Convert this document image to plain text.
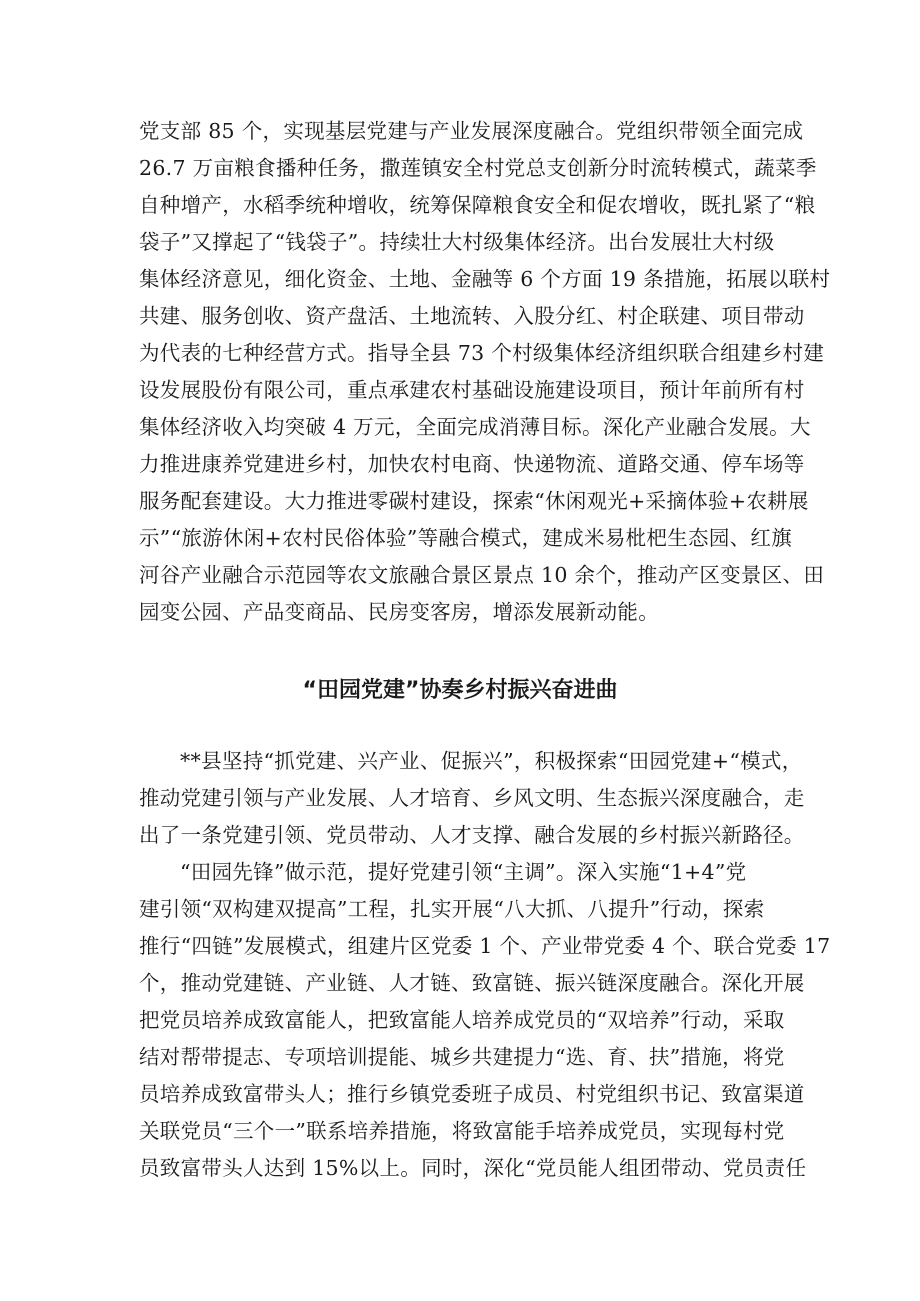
党支部 85 个，实现基层党建与产业发展深度融合。党组织带领全面完成
26.7 万亩粮食播种任务，撒莲镇安全村党总支创新分时流转模式，蔬菜季
自种增产，水稻季统种增收，统筹保障粮食安全和促农增收，既扎紧了“粮
袋子”又撑起了“钱袋子”。持续壮大村级集体经济。出台发展壮大村级
集体经济意见，细化资金、土地、金融等 6 个方面 19 条措施，拓展以联村
共建、服务创收、资产盘活、土地流转、入股分红、村企联建、项目带动
为代表的七种经营方式。指导全县 73 个村级集体经济组织联合组建乡村建
设发展股份有限公司，重点承建农村基础设施建设项目，预计年前所有村
集体经济收入均突破 4 万元，全面完成消薄目标。深化产业融合发展。大
力推进康养党建进乡村，加快农村电商、快递物流、道路交通、停车场等
服务配套建设。大力推进零碳村建设，探索“休闲观光+采摘体验+农耕展
示”“旅游休闲+农村民俗体验”等融合模式，建成米易枇杷生态园、红旗
河谷产业融合示范园等农文旅融合景区景点 10 余个，推动产区变景区、田
园变公园、产品变商品、民房变客房，增添发展新动能。
“田园党建”协奏乡村振兴奋进曲
**县坚持“抓党建、兴产业、促振兴”，积极探索“田园党建+“模式，
推动党建引领与产业发展、人才培育、乡风文明、生态振兴深度融合，走
出了一条党建引领、党员带动、人才支撑、融合发展的乡村振兴新路径。
“田园先锋”做示范，提好党建引领“主调”。深入实施“1+4”党
建引领“双构建双提高”工程，扎实开展“八大抓、八提升”行动，探索
推行“四链”发展模式，组建片区党委 1 个、产业带党委 4 个、联合党委 17
个，推动党建链、产业链、人才链、致富链、振兴链深度融合。深化开展
把党员培养成致富能人，把致富能人培养成党员的“双培养”行动，采取
结对帮带提志、专项培训提能、城乡共建提力“选、育、扶”措施，将党
员培养成致富带头人；推行乡镇党委班子成员、村党组织书记、致富渠道
关联党员“三个一”联系培养措施，将致富能手培养成党员，实现每村党
员致富带头人达到 15%以上。同时，深化“党员能人组团带动、党员责任
